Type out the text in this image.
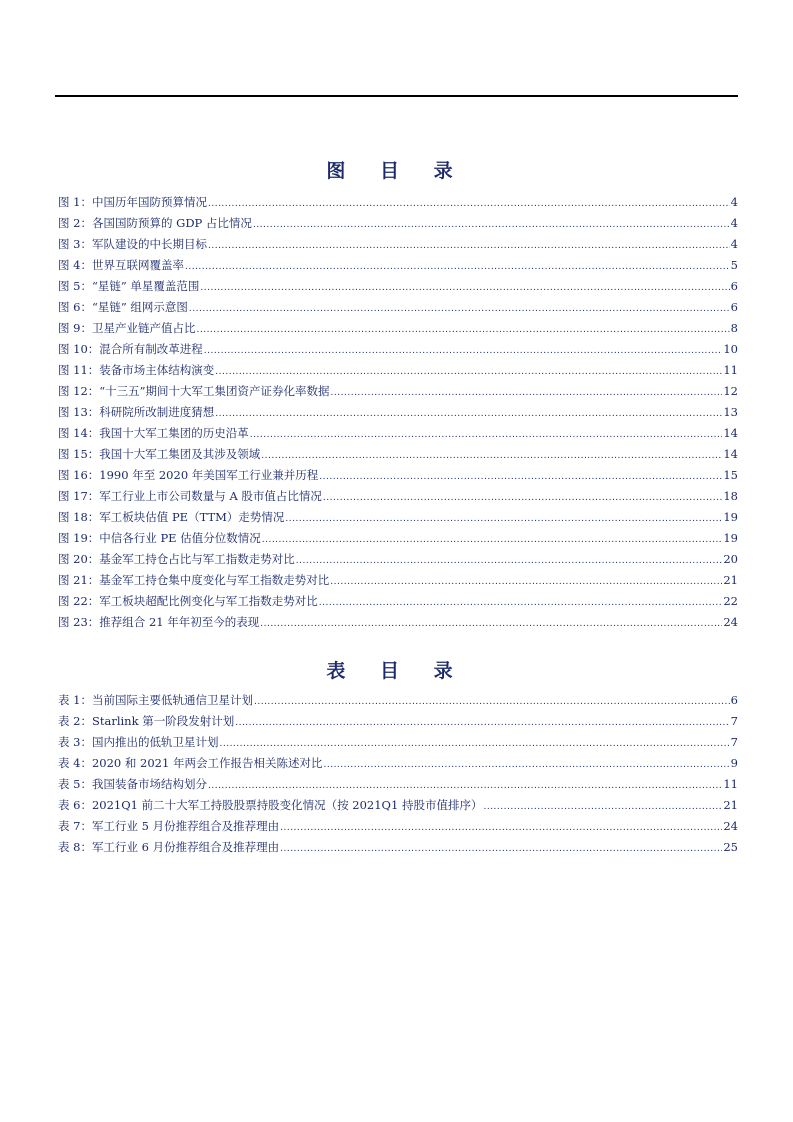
图 目 录
图 1：中国历年国防预算情况 .....	4
图 2：各国国防预算的 GDP 占比情况 .....	4
图 3：军队建设的中长期目标 .....	4
图 4：世界互联网覆盖率 .....	5
图 5：“星链” 单星覆盖范围 .....	6
图 6：“星链” 组网示意图 .....	6
图 9：卫星产业链产值占比 .....	8
图 10：混合所有制改革进程 .....	10
图 11：装备市场主体结构演变 .....	11
图 12：“十三五”期间十大军工集团资产证券化率数据 .....	12
图 13：科研院所改制进度猜想 .....	13
图 14：我国十大军工集团的历史沿革 .....	14
图 15：我国十大军工集团及其涉及领域 .....	14
图 16：1990 年至 2020 年美国军工行业兼并历程 .....	15
图 17：军工行业上市公司数量与 A 股市值占比情况 .....	18
图 18：军工板块估值 PE（TTM）走势情况 .....	19
图 19：中信各行业 PE 估值分位数情况 .....	19
图 20：基金军工持仓占比与军工指数走势对比 .....	20
图 21：基金军工持仓集中度变化与军工指数走势对比 .....	21
图 22：军工板块超配比例变化与军工指数走势对比 .....	22
图 23：推荐组合 21 年年初至今的表现 .....	24
表 目 录
表 1：当前国际主要低轨通信卫星计划 .....	6
表 2：Starlink 第一阶段发射计划 .....	7
表 3：国内推出的低轨卫星计划 .....	7
表 4：2020 和 2021 年两会工作报告相关陈述对比 .....	9
表 5：我国装备市场结构划分 .....	11
表 6：2021Q1 前二十大军工持股股票持股变化情况（按 2021Q1 持股市值排序） .....	21
表 7：军工行业 5 月份推荐组合及推荐理由 .....	24
表 8：军工行业 6 月份推荐组合及推荐理由 .....	25
